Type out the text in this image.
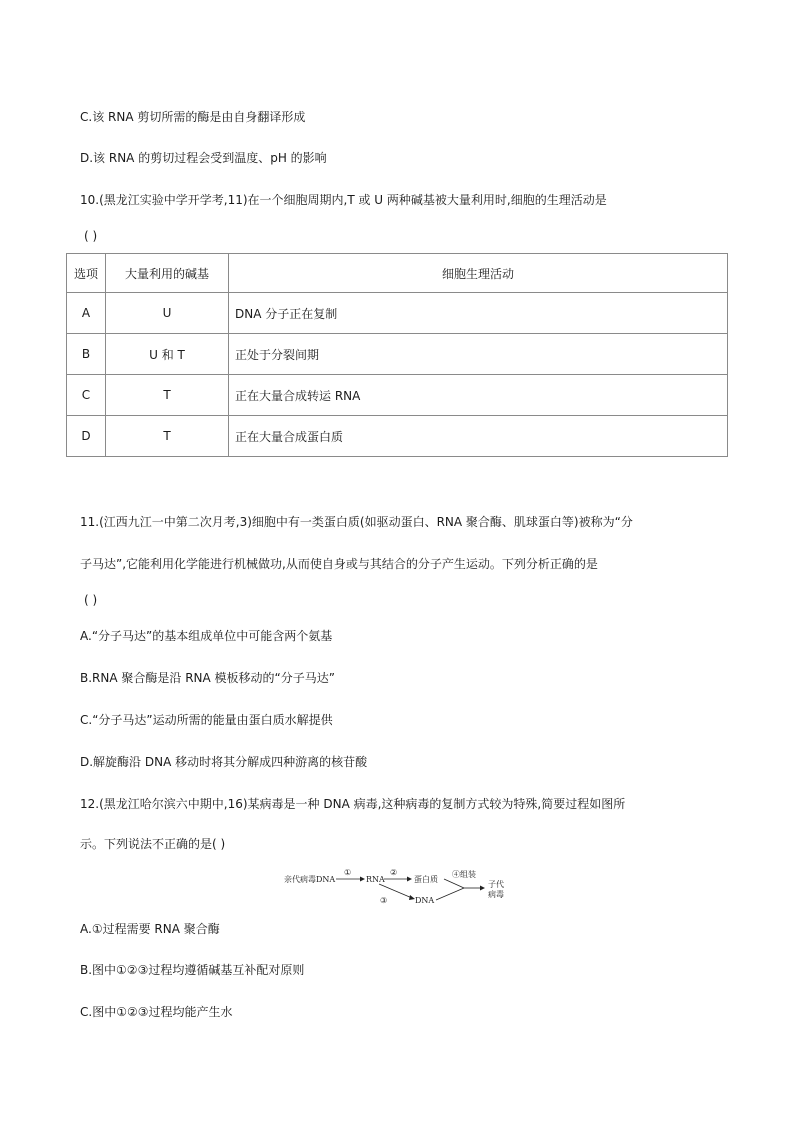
C.该 RNA 剪切所需的酶是由自身翻译形成
D.该 RNA 的剪切过程会受到温度、pH 的影响
10.(黑龙江实验中学开学考,11)在一个细胞周期内,T 或 U 两种碱基被大量利用时,细胞的生理活动是
( )
选项	大量利用的碱基	细胞生理活动
A	U	DNA 分子正在复制
B	U 和 T	正处于分裂间期
C	T	正在大量合成转运 RNA
D	T	正在大量合成蛋白质
11.(江西九江一中第二次月考,3)细胞中有一类蛋白质(如驱动蛋白、RNA 聚合酶、肌球蛋白等)被称为“分
子马达”,它能利用化学能进行机械做功,从而使自身或与其结合的分子产生运动。下列分析正确的是
( )
A.“分子马达”的基本组成单位中可能含两个氨基
B.RNA 聚合酶是沿 RNA 模板移动的“分子马达”
C.“分子马达”运动所需的能量由蛋白质水解提供
D.解旋酶沿 DNA 移动时将其分解成四种游离的核苷酸
12.(黑龙江哈尔滨六中期中,16)某病毒是一种 DNA 病毒,这种病毒的复制方式较为特殊,简要过程如图所
示。下列说法不正确的是( )
亲代病毒DNA
①
RNA
②
蛋白质
③	DNA
④组装
子代
病毒
A.①过程需要 RNA 聚合酶
B.图中①②③过程均遵循碱基互补配对原则
C.图中①②③过程均能产生水
